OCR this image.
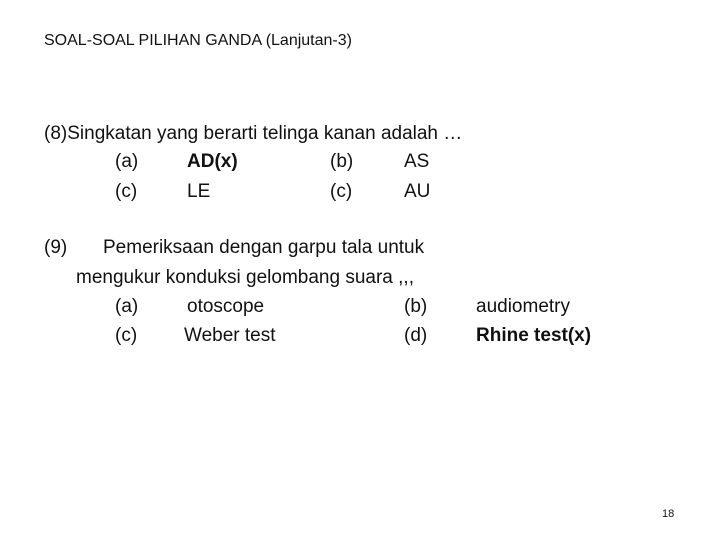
SOAL-SOAL PILIHAN GANDA (Lanjutan-3)
(8)Singkatan yang berarti telinga kanan adalah …
(a)	AD(x)	(b)	AS
(c)	LE	(c)	AU
(9) Pemeriksaan dengan garpu tala untuk
mengukur konduksi gelombang suara ,,,
(a)	otoscope	(b)	audiometry
(c) Weber test	(d)	Rhine test(x)
18
